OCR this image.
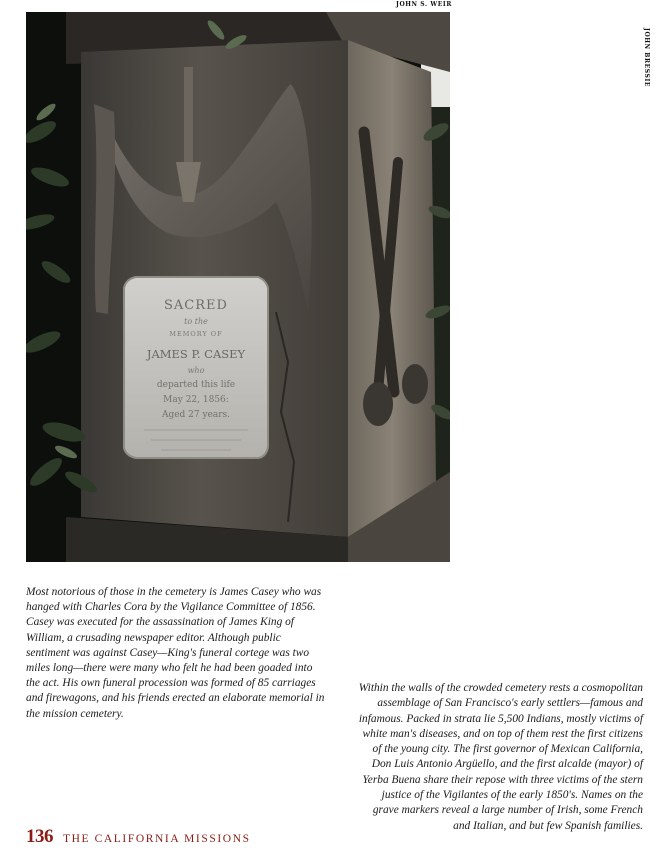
JOHN S. WEIR
JOHN BRESSIE
SACRED
to the
MEMORY OF
JAMES P. CASEY
who
departed this life
May 22, 1856:
Aged 27 years.

Most notorious of those in the cemetery is James Casey who was hanged with Charles Cora by the Vigilance Committee of 1856. Casey was executed for the assassination of James King of William, a crusading newspaper editor. Although public sentiment was against Casey—King's funeral cortege was two miles long—there were many who felt he had been goaded into the act. His own funeral procession was formed of 85 carriages and firewagons, and his friends erected an elaborate memorial in the mission cemetery.

Within the walls of the crowded cemetery rests a cosmopolitan assemblage of San Francisco's early settlers—famous and infamous. Packed in strata lie 5,500 Indians, mostly victims of white man's diseases, and on top of them rest the first citizens of the young city. The first governor of Mexican California, Don Luis Antonio Argüello, and the first alcalde (mayor) of Yerba Buena share their repose with three victims of the stern justice of the Vigilantes of the early 1850's. Names on the grave markers reveal a large number of Irish, some French and Italian, and but few Spanish families.

136 THE CALIFORNIA MISSIONS
